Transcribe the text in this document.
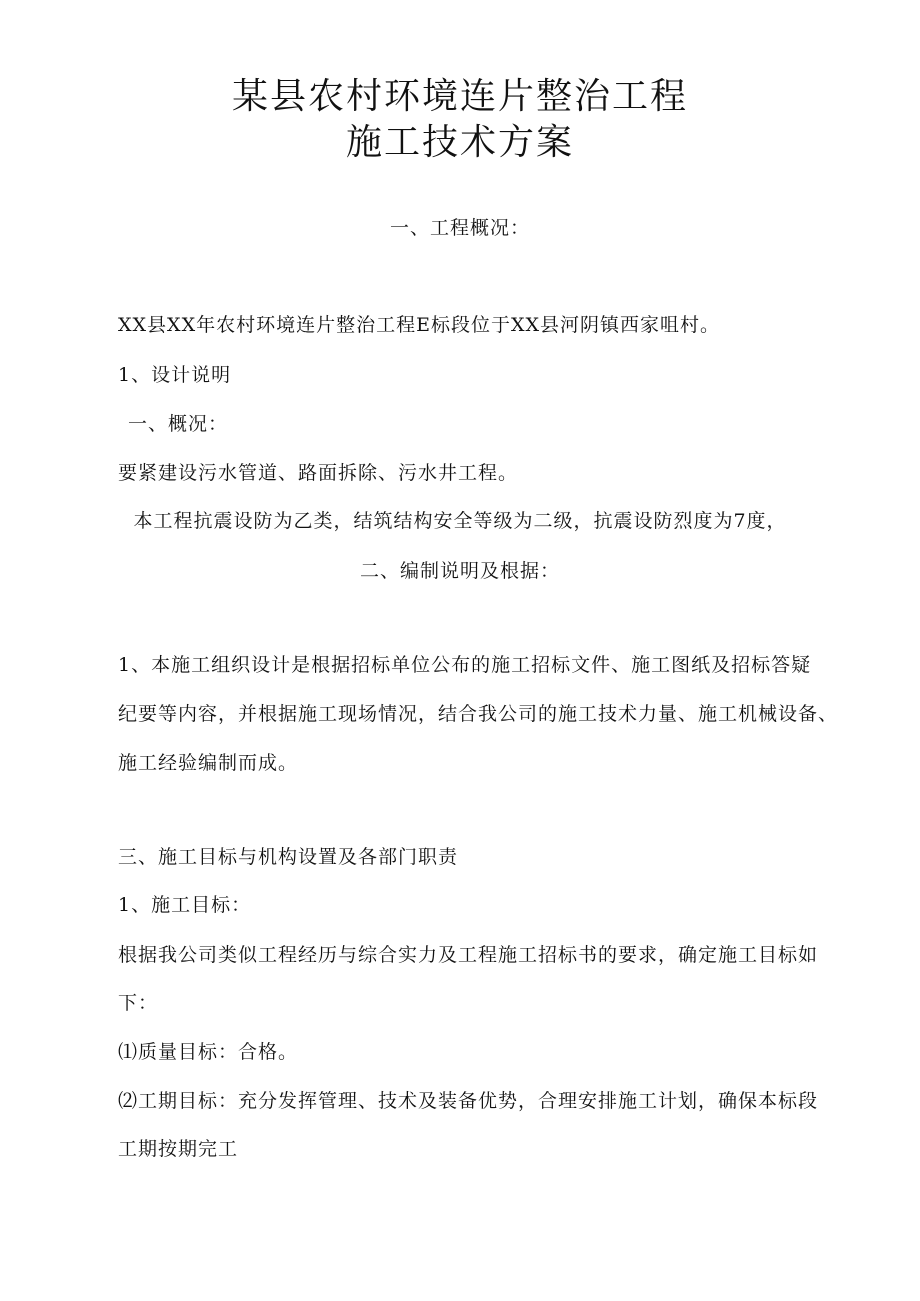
某县农村环境连片整治工程
施工技术方案
一、工程概况：
XX县XX年农村环境连片整治工程E标段位于XX县河阴镇西家咀村。
1、设计说明
一、概况：
要紧建设污水管道、路面拆除、污水井工程。
本工程抗震设防为乙类，结筑结构安全等级为二级，抗震设防烈度为7度，
二、编制说明及根据：
1、本施工组织设计是根据招标单位公布的施工招标文件、施工图纸及招标答疑
纪要等内容，并根据施工现场情况，结合我公司的施工技术力量、施工机械设备、
施工经验编制而成。
三、施工目标与机构设置及各部门职责
1、施工目标：
根据我公司类似工程经历与综合实力及工程施工招标书的要求，确定施工目标如
下：
⑴质量目标：合格。
⑵工期目标：充分发挥管理、技术及装备优势，合理安排施工计划，确保本标段
工期按期完工
